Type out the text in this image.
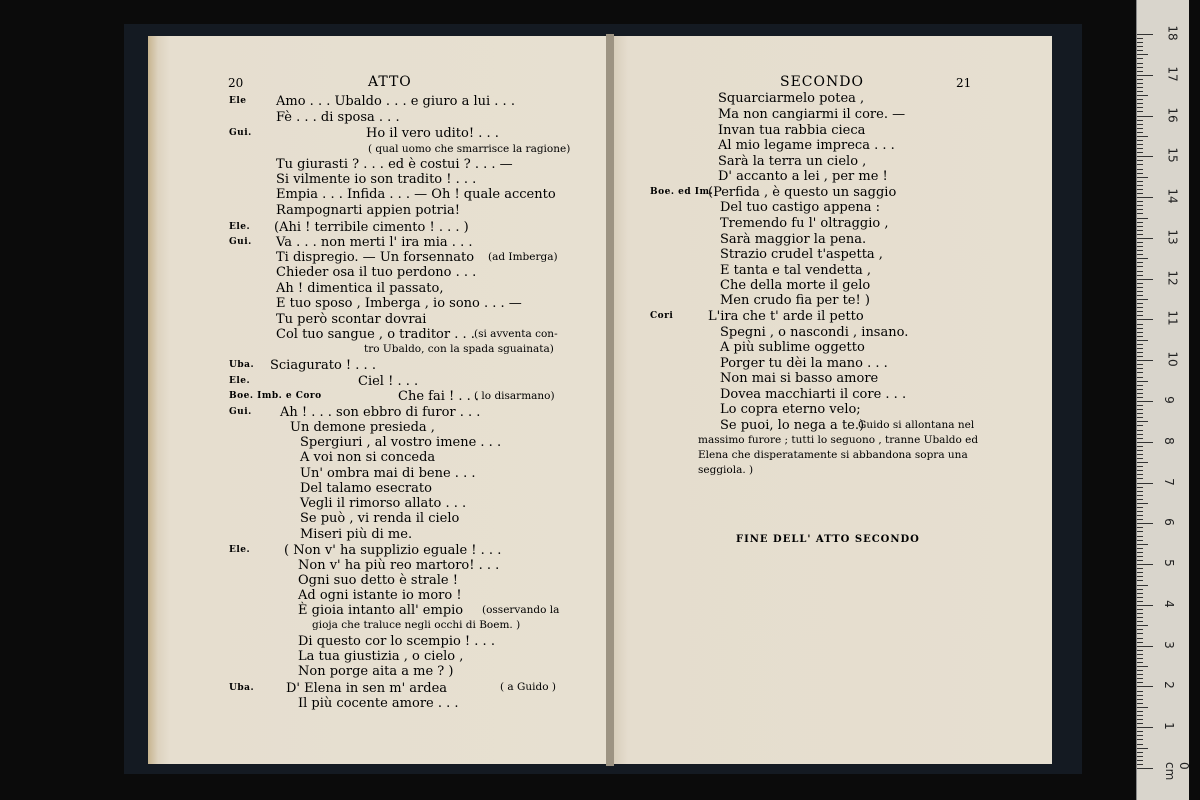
20	ATTO
Ele
Gui.
Ele.
Gui.
Uba.
Ele.
Boe. Imb. e Coro
Gui.
Ele.
Uba.
Amo . . . Ubaldo . . . e giuro a lui . . .
Fè . . . di sposa . . .
Ho il vero udito! . . .
Tu giurasti ? . . . ed è costui ? . . . —
Si vilmente io son tradito ! . . .
Empia . . . Infida . . . — Oh ! quale accento
Rampognarti appien potria!
(Ahi ! terribile cimento ! . . . )
Va . . . non merti l' ira mia . . .
Ti dispregio. — Un forsennato
Chieder osa il tuo perdono . . .
Ah ! dimentica il passato,
E tuo sposo , Imberga , io sono . . . —
Tu però scontar dovrai
Col tuo sangue , o traditor . . .
Sciagurato ! . . .
Ciel ! . . .
Che fai ! . . .
Ah ! . . . son ebbro di furor . . .
Un demone presieda ,
Spergiuri , al vostro imene . . .
A voi non si conceda
Un' ombra mai di bene . . .
Del talamo esecrato
Vegli il rimorso allato . . .
Se può , vi renda il cielo
Miseri più di me.
( Non v' ha supplizio eguale ! . . .
Non v' ha più reo martoro! . . .
Ogni suo detto è strale !
Ad ogni istante io moro !
È gioia intanto all' empio
Di questo cor lo scempio ! . . .
La tua giustizia , o cielo ,
Non porge aita a me ? )
D' Elena in sen m' ardea
Il più cocente amore . . .
( qual uomo che smarrisce la ragione)
(ad Imberga)
(si avventa con-
tro Ubaldo, con la spada sguainata)
( lo disarmano)
(osservando la
gioja che traluce negli occhi di Boem. )
( a Guido )
SECONDO	21
FINE DELL' ATTO SECONDO
Boe. ed Im.
Cori
Squarciarmelo potea ,
Ma non cangiarmi il core. —
Invan tua rabbia cieca
Al mio legame impreca . . .
Sarà la terra un cielo ,
D' accanto a lei , per me !
(Perfida , è questo un saggio
Del tuo castigo appena :
Tremendo fu l' oltraggio ,
Sarà maggior la pena.
Strazio crudel t'aspetta ,
E tanta e tal vendetta ,
Che della morte il gelo
Men crudo fia per te! )
L'ira che t' arde il petto
Spegni , o nascondi , insano.
A più sublime oggetto
Porger tu dèi la mano . . .
Non mai si basso amore
Dovea macchiarti il core . . .
Lo copra eterno velo;
Se puoi, lo nega a te.)
Guido si allontana nel
massimo furore ; tutti lo seguono , tranne Ubaldo ed
Elena che disperatamente si abbandona sopra una
seggiola. )
18
17
16
15
14
13
12
11
10
9
8
7
6
5
4
3
2
1
0 cm
